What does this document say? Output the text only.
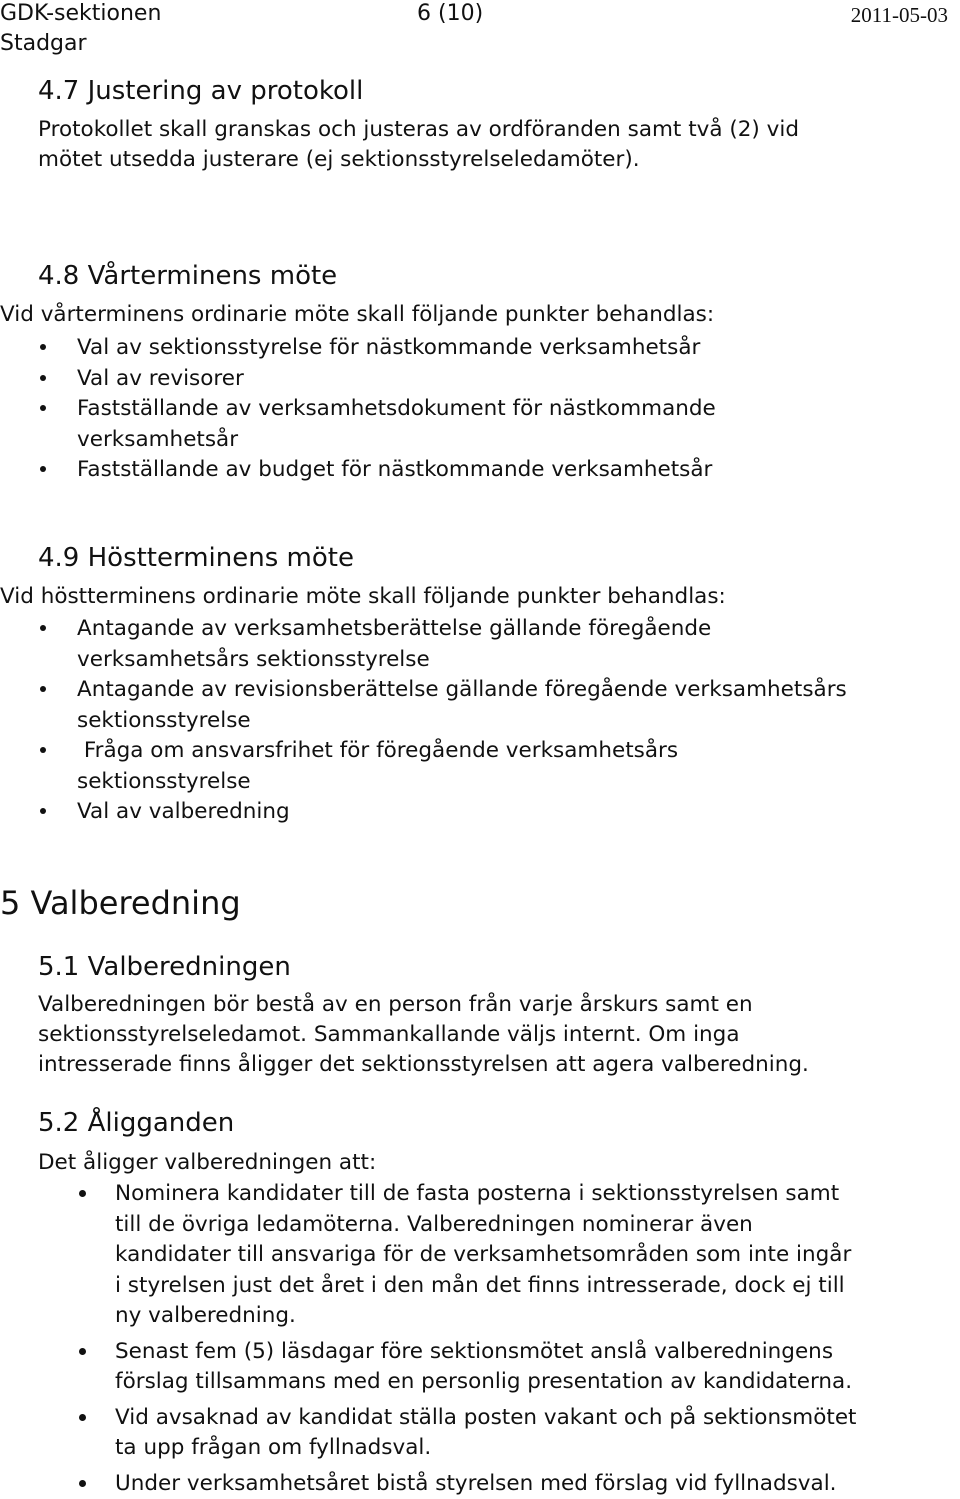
GDK-sektionen	6 (10)	2011-05-03
Stadgar
4.7 Justering av protokoll
Protokollet skall granskas och justeras av ordföranden samt två (2) vid
mötet utsedda justerare (ej sektionsstyrelseledamöter).
4.8 Vårterminens möte
Vid vårterminens ordinarie möte skall följande punkter behandlas:
Val av sektionsstyrelse för nästkommande verksamhetsår
Val av revisorer
Fastställande av verksamhetsdokument för nästkommande
verksamhetsår
Fastställande av budget för nästkommande verksamhetsår
4.9 Höstterminens möte
Vid höstterminens ordinarie möte skall följande punkter behandlas:
Antagande av verksamhetsberättelse gällande föregående
verksamhetsårs sektionsstyrelse
Antagande av revisionsberättelse gällande föregående verksamhetsårs
sektionsstyrelse
Fråga om ansvarsfrihet för föregående verksamhetsårs
sektionsstyrelse
Val av valberedning
5 Valberedning
5.1 Valberedningen
Valberedningen bör bestå av en person från varje årskurs samt en
sektionsstyrelseledamot. Sammankallande väljs internt. Om inga
intresserade finns åligger det sektionsstyrelsen att agera valberedning.
5.2 Åligganden
Det åligger valberedningen att:
Nominera kandidater till de fasta posterna i sektionsstyrelsen samt
till de övriga ledamöterna. Valberedningen nominerar även
kandidater till ansvariga för de verksamhetsområden som inte ingår
i styrelsen just det året i den mån det finns intresserade, dock ej till
ny valberedning.
Senast fem (5) läsdagar före sektionsmötet anslå valberedningens
förslag tillsammans med en personlig presentation av kandidaterna.
Vid avsaknad av kandidat ställa posten vakant och på sektionsmötet
ta upp frågan om fyllnadsval.
Under verksamhetsåret bistå styrelsen med förslag vid fyllnadsval.
